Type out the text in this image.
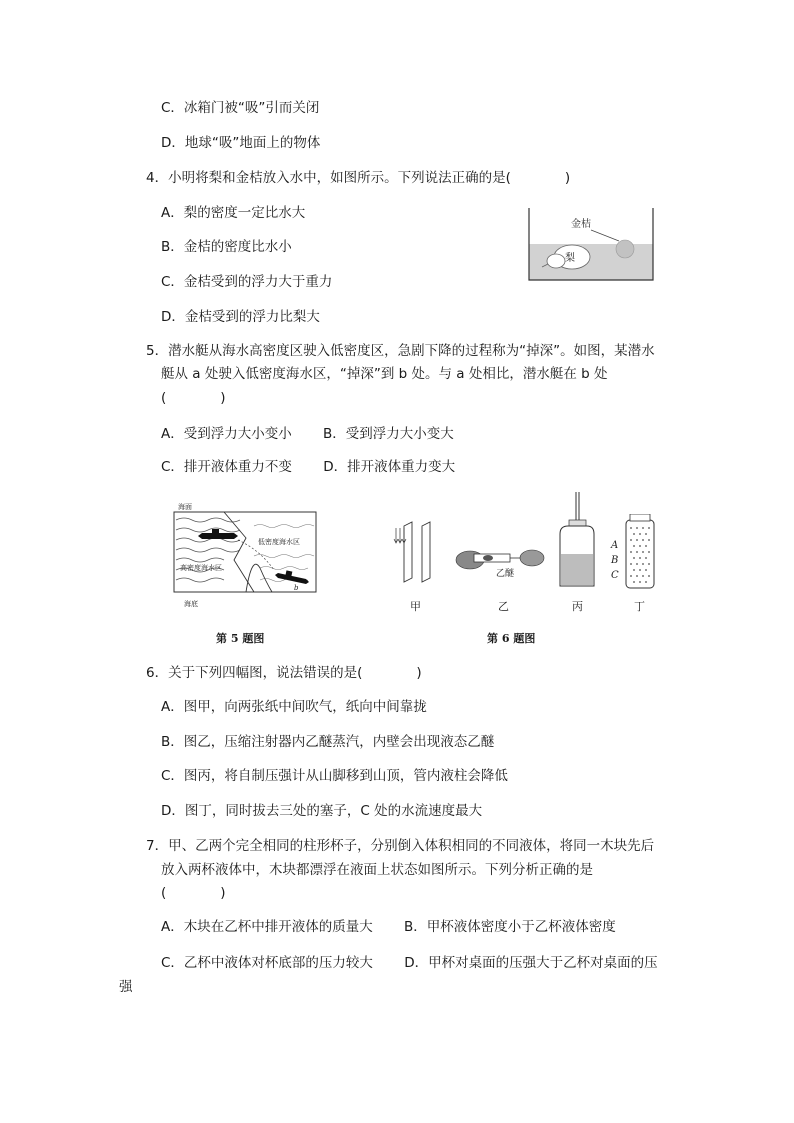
C．冰箱门被“吸”引而关闭
D．地球“吸”地面上的物体
4．小明将梨和金桔放入水中，如图所示。下列说法正确的是(　　　　)
A．梨的密度一定比水大
B．金桔的密度比水小
C．金桔受到的浮力大于重力
D．金桔受到的浮力比梨大
金桔
梨
5．潜水艇从海水高密度区驶入低密度区，急剧下降的过程称为“掉深”。如图，某潜水
艇从 a 处驶入低密度海水区，“掉深”到 b 处。与 a 处相比，潜水艇在 b 处
(　　　　)
A．受到浮力大小变小　　 B．受到浮力大小变大
C．排开液体重力不变　　 D．排开液体重力变大
海面
低密度海水区
高密度海水区
海底
a
b
第 5 题图
甲
乙醚
乙	丙
A
B
C
丁
第 6 题图
6．关于下列四幅图，说法错误的是(　　　　)
A．图甲，向两张纸中间吹气，纸向中间靠拢
B．图乙，压缩注射器内乙醚蒸汽，内壁会出现液态乙醚
C．图丙，将自制压强计从山脚移到山顶，管内液柱会降低
D．图丁，同时拔去三处的塞子，C 处的水流速度最大
7．甲、乙两个完全相同的柱形杯子，分别倒入体积相同的不同液体，将同一木块先后
放入两杯液体中，木块都漂浮在液面上状态如图所示。下列分析正确的是
(　　　　)
A．木块在乙杯中排开液体的质量大　　 B．甲杯液体密度小于乙杯液体密度
C．乙杯中液体对杯底部的压力较大　　 D．甲杯对桌面的压强大于乙杯对桌面的压
强
